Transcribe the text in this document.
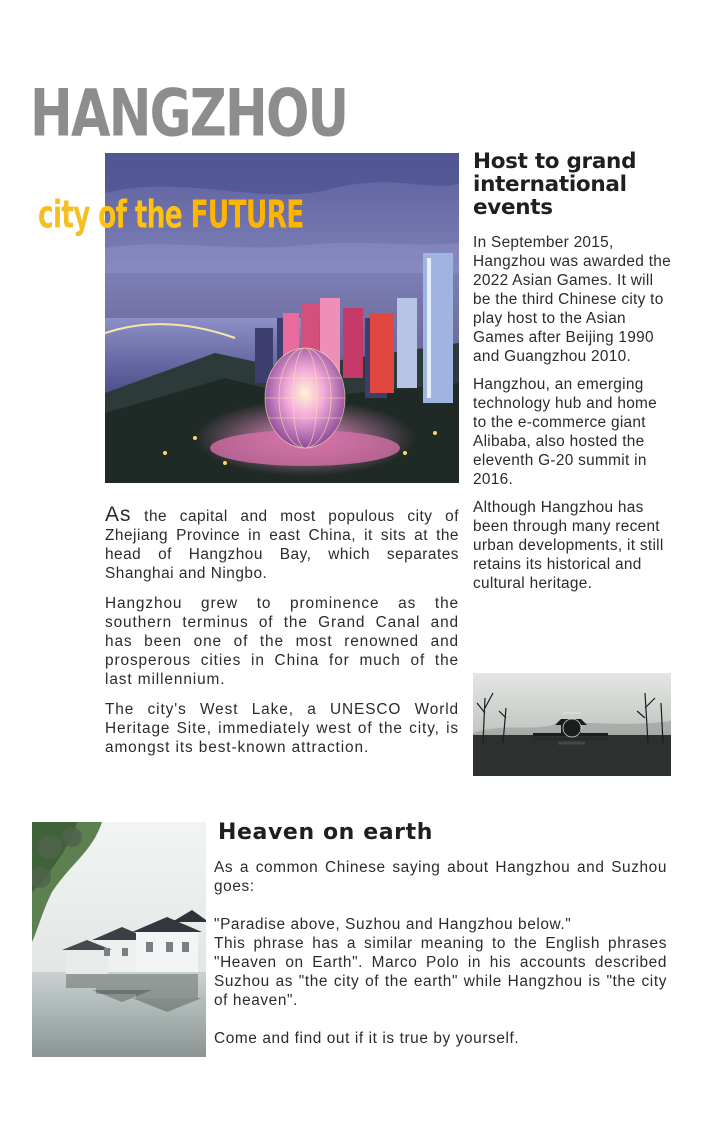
HANGZHOU
city of the FUTURE

As the capital and most populous city of Zhejiang Province in east China, it sits at the head of Hangzhou Bay, which separates Shanghai and Ningbo.

Hangzhou grew to prominence as the southern terminus of the Grand Canal and has been one of the most renowned and prosperous cities in China for much of the last millennium.

The city's West Lake, a UNESCO World Heritage Site, immediately west of the city, is amongst its best-known attraction.

Host to grand international events

In September 2015, Hangzhou was awarded the 2022 Asian Games. It will be the third Chinese city to play host to the Asian Games after Beijing 1990 and Guangzhou 2010.

Hangzhou, an emerging technology hub and home to the e-commerce giant Alibaba, also hosted the eleventh G-20 summit in 2016.

Although Hangzhou has been through many recent urban developments, it still retains its historical and cultural heritage.

Heaven on earth

As a common Chinese saying about Hangzhou and Suzhou goes:

"Paradise above, Suzhou and Hangzhou below."

This phrase has a similar meaning to the English phrases "Heaven on Earth". Marco Polo in his accounts described Suzhou as "the city of the earth" while Hangzhou is "the city of heaven".

Come and find out if it is true by yourself.
